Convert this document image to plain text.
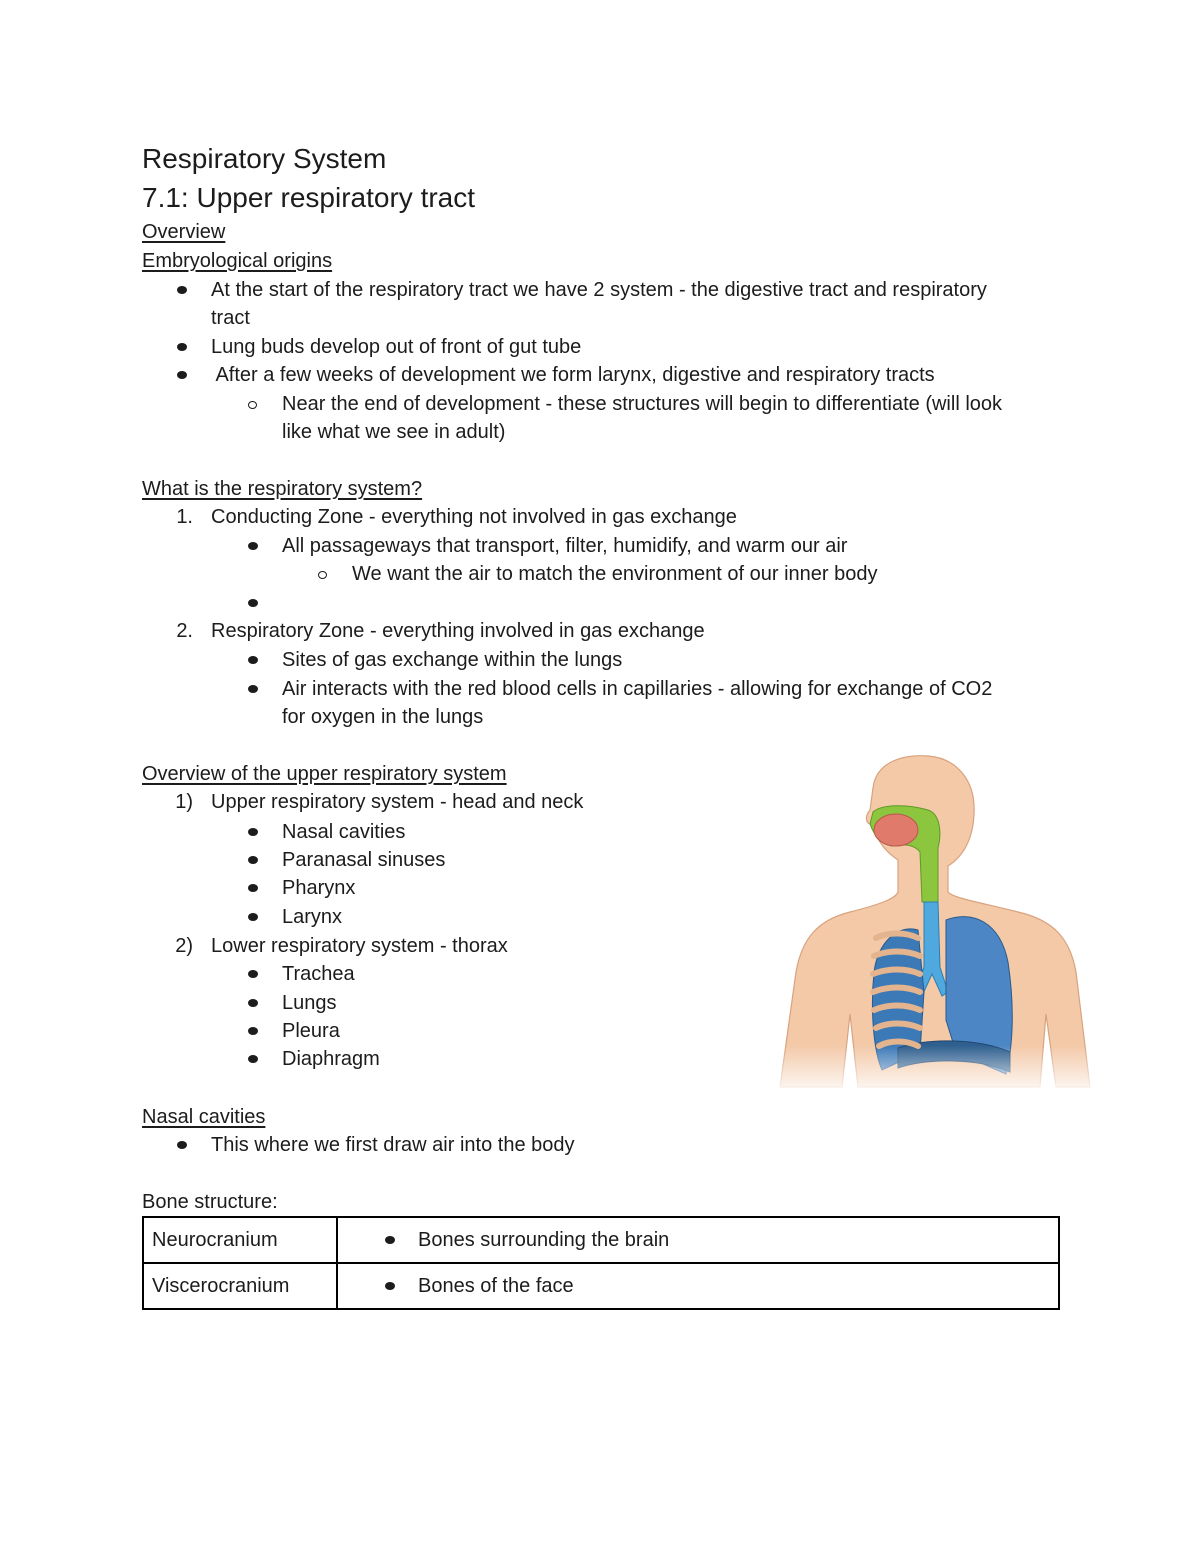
Respiratory System
7.1: Upper respiratory tract
Overview
Embryological origins
At the start of the respiratory tract we have 2 system - the digestive tract and respiratory
tract
Lung buds develop out of front of gut tube
After a few weeks of development we form larynx, digestive and respiratory tracts
Near the end of development - these structures will begin to differentiate (will look
like what we see in adult)
What is the respiratory system?
1. Conducting Zone - everything not involved in gas exchange
All passageways that transport, filter, humidify, and warm our air
We want the air to match the environment of our inner body
2. Respiratory Zone - everything involved in gas exchange
Sites of gas exchange within the lungs
Air interacts with the red blood cells in capillaries - allowing for exchange of CO2
for oxygen in the lungs
Overview of the upper respiratory system
1) Upper respiratory system - head and neck
Nasal cavities
Paranasal sinuses
Pharynx
Larynx
2) Lower respiratory system - thorax
Trachea
Lungs
Pleura
Diaphragm
Nasal cavities
This where we first draw air into the body
Bone structure:
Neurocranium	Bones surrounding the brain
Viscerocranium	Bones of the face
